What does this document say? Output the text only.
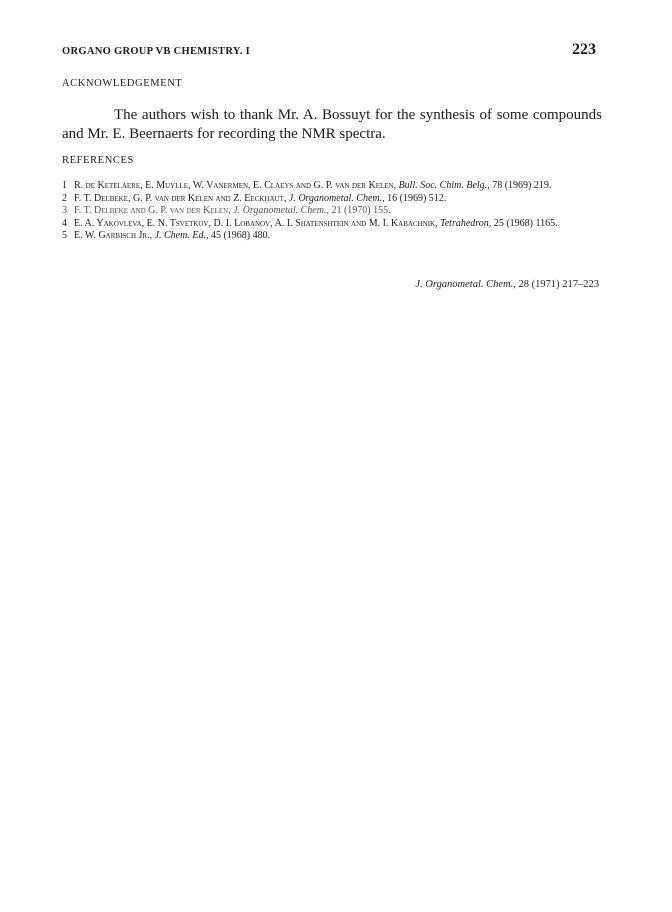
ORGANO GROUP VB CHEMISTRY. I	223
ACKNOWLEDGEMENT

The authors wish to thank Mr. A. Bossuyt for the synthesis of some compounds and Mr. E. Beernaerts for recording the NMR spectra.

REFERENCES
1 R. de Ketelaere, E. Muylle, W. Vanermen, E. Claeys and G. P. van der Kelen, Bull. Soc. Chim. Belg., 78 (1969) 219.
2 F. T. Delbeke, G. P. van der Kelen and Z. Eeckhaut, J. Organometal. Chem., 16 (1969) 512.
3 F. T. Delbeke and G. P. van der Kelen, J. Organometal. Chem., 21 (1970) 155.
4 E. A. Yakovleva, E. N. Tsvetkov, D. I. Lobanov, A. I. Shatenshtein and M. I. Kabachnik, Tetrahedron, 25 (1968) 1165.
5 E. W. Garbisch Jr., J. Chem. Ed., 45 (1968) 480.
J. Organometal. Chem., 28 (1971) 217–223
